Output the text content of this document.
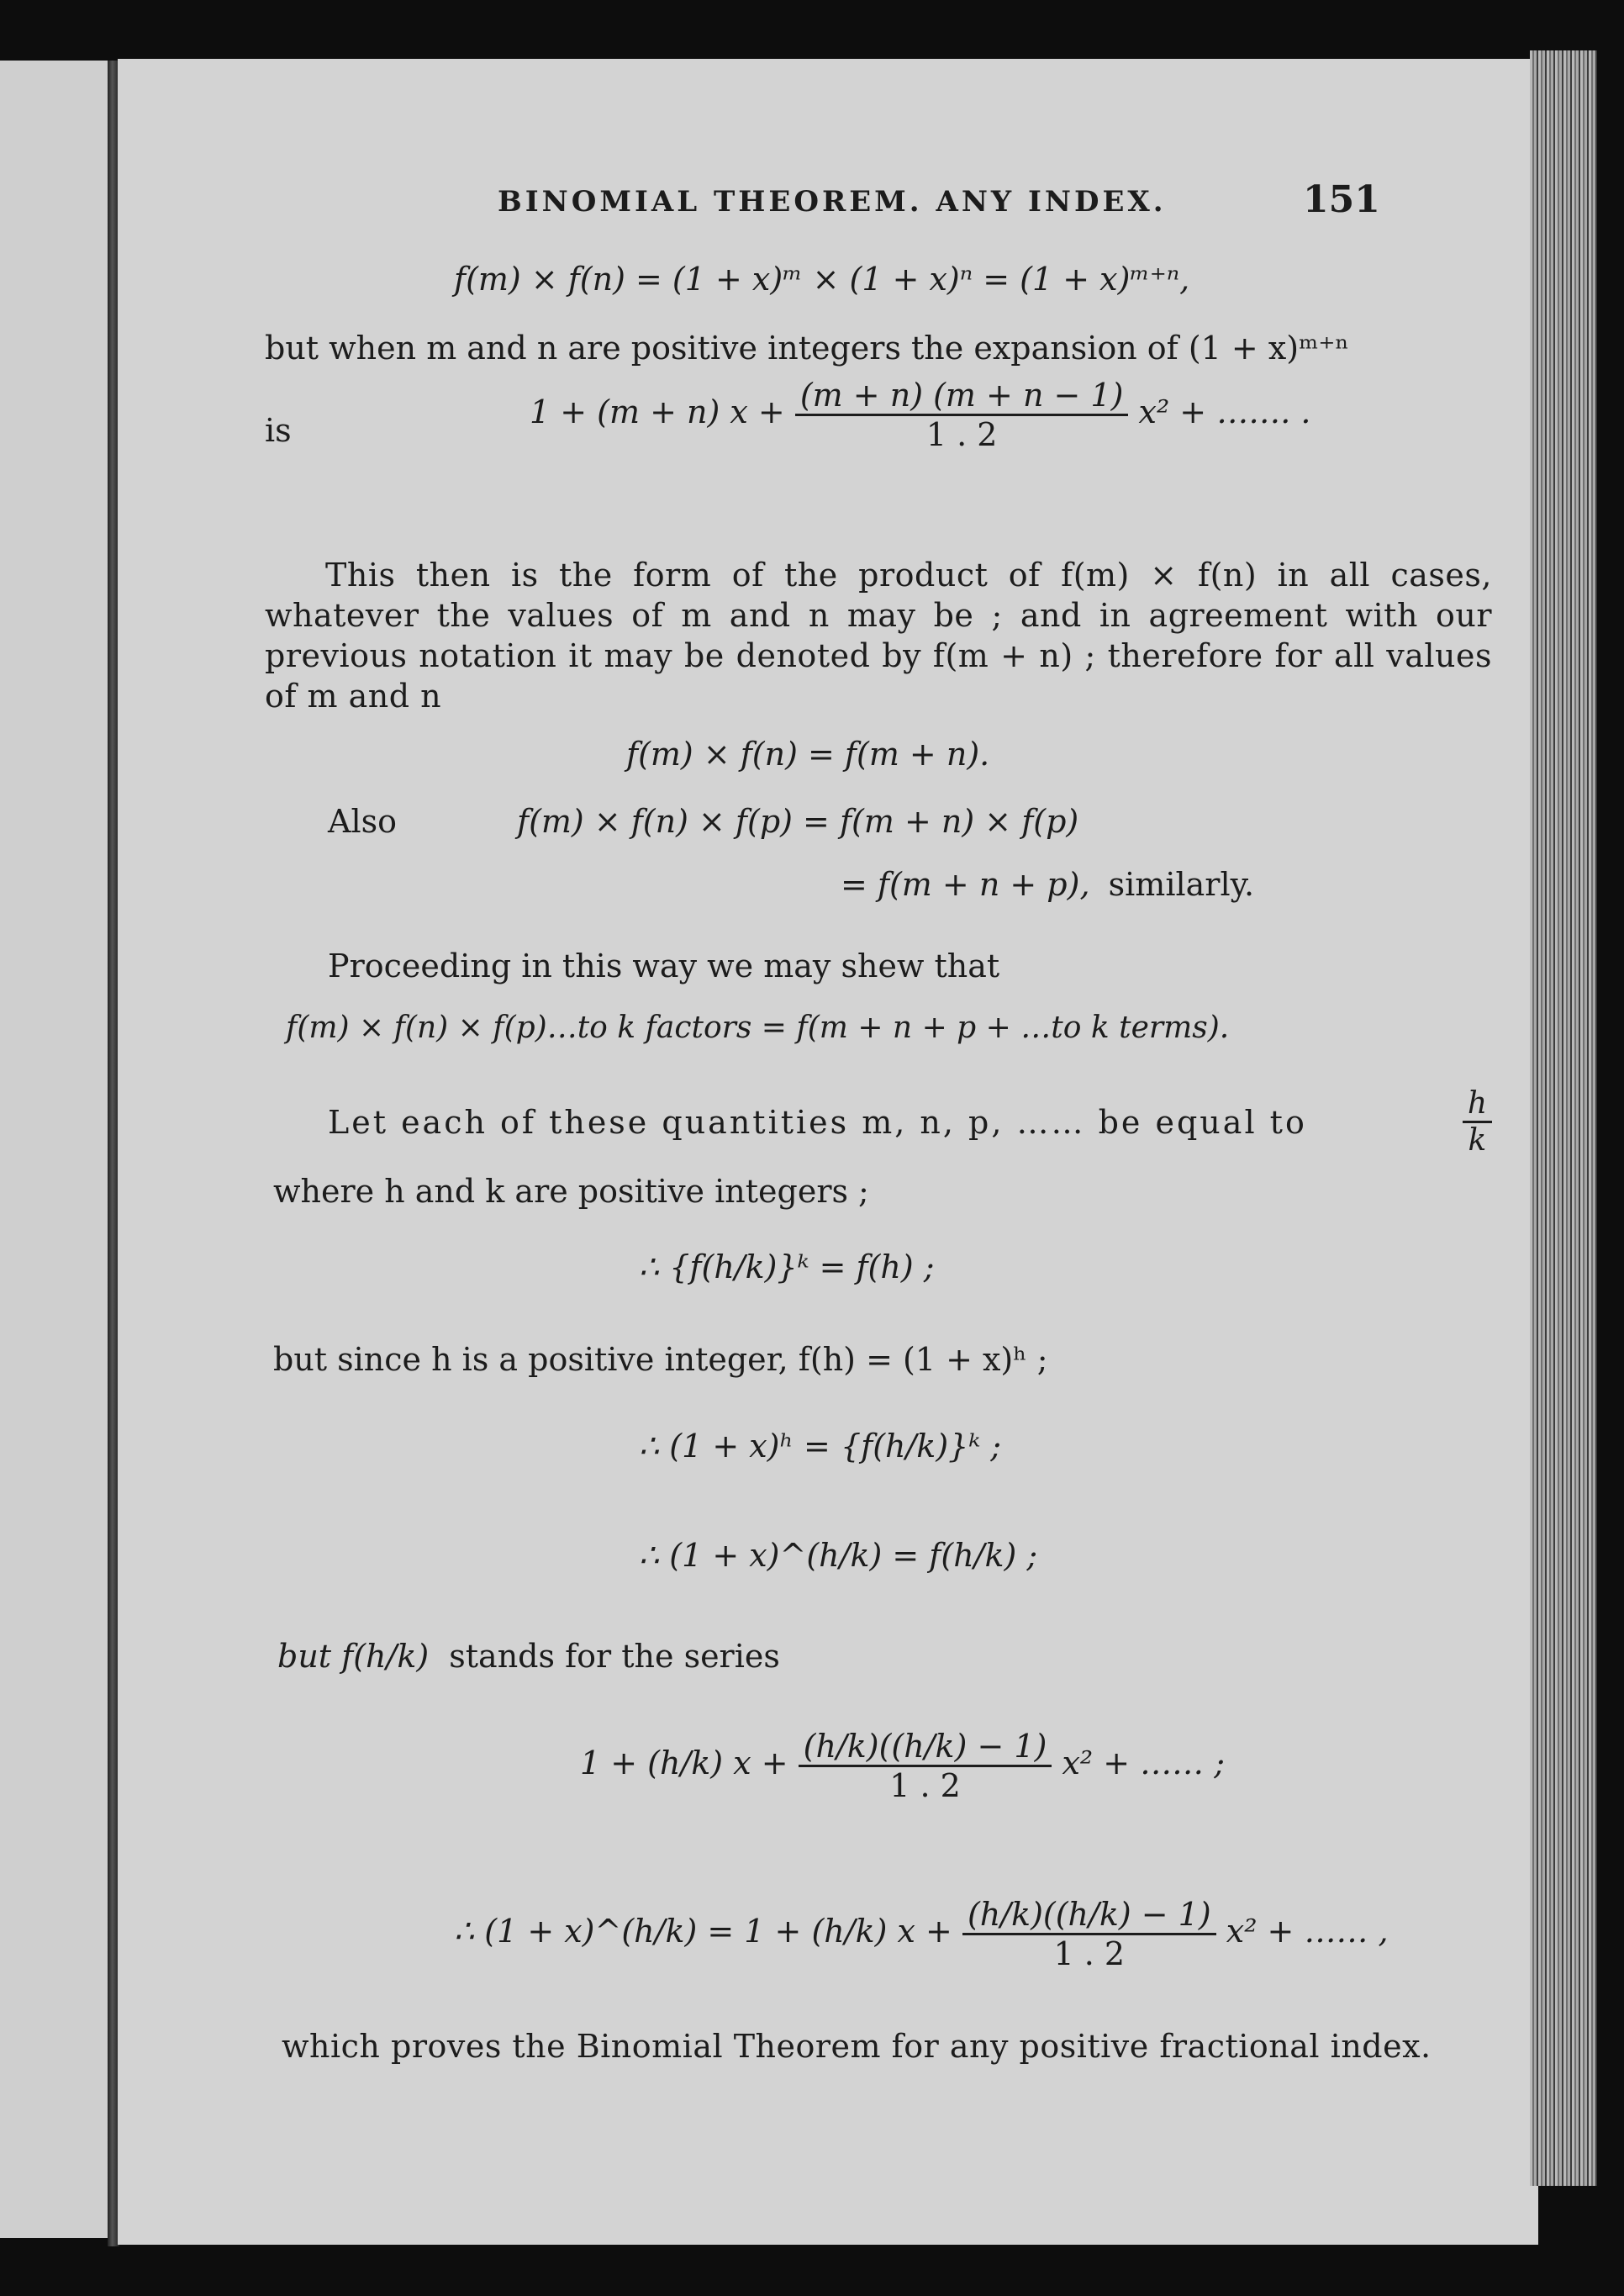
BINOMIAL THEOREM. ANY INDEX.	151
f(m) × f(n) = (1 + x)ᵐ × (1 + x)ⁿ = (1 + x)ᵐ⁺ⁿ,
but when m and n are positive integers the expansion of (1 + x)ᵐ⁺ⁿ
is	1 + (m + n) $x + \frac{(m + n) (m + n - 1)}{1 . 2} x^2$ + ……. .
This then is the form of the product of f(m) × f(n) in all cases, whatever the values of m and n may be ; and in agreement with our previous notation it may be denoted by f(m + n) ; therefore for all values of m and n
f(m) × f(n) = f(m + n).
Also	f(m) × f(n) × f(p) = f(m + n) × f(p)
= f(m + n + p), similarly.
Proceeding in this way we may shew that
f(m) × f(n) × f(p)…to k factors = f(m + n + p + …to k terms).
Let each of these quantities m, n, p, …… be equal to	$\frac{h}{k}$
where h and k are positive integers ;
∴ {f(h/k)}ᵏ = f(h) ;
but since h is a positive integer, f(h) = (1 + x)ʰ ;
∴ (1 + x)ʰ = {f(h/k)}ᵏ ;
∴ (1 + x)^(h/k) = f(h/k) ;
but f(h/k) stands for the series
1 + (h/k) $x + \frac{(h/k)((h/k) - 1)}{1 . 2} x^2$ + …… ;
∴ (1 + x)^(h/k) = 1 + (h/k) $x + \frac{(h/k)((h/k) - 1)}{1 . 2} x^2$ + …… ,
which proves the Binomial Theorem for any positive fractional index.
